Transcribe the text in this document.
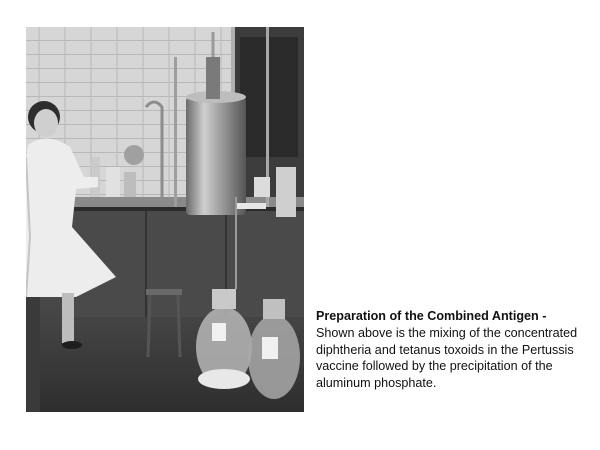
Preparation of the Combined Antigen - Shown above is the mixing of the concentrated diphtheria and tetanus toxoids in the Pertussis vaccine followed by the precipitation of the aluminum phosphate.
